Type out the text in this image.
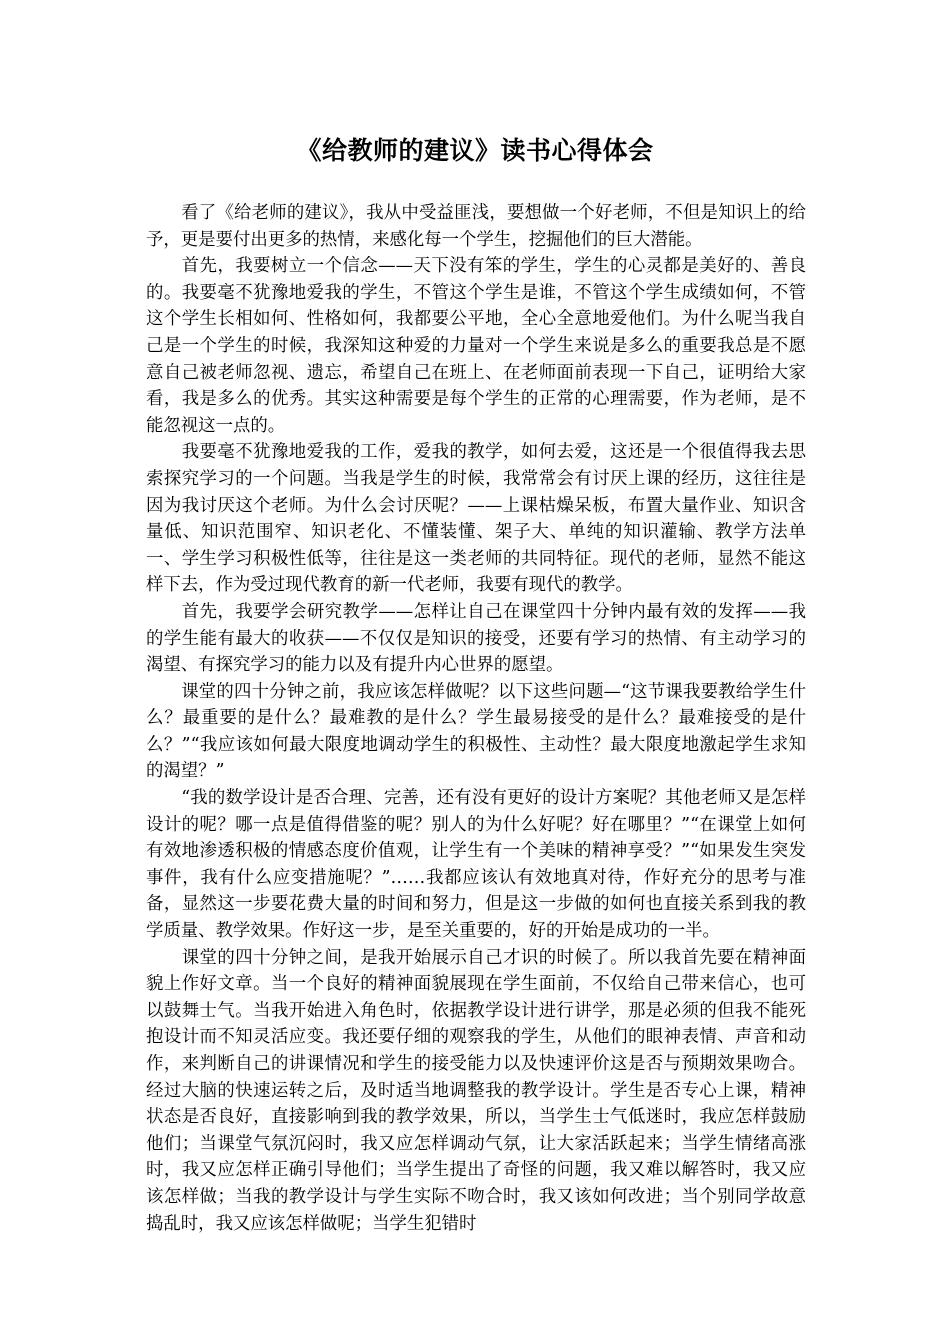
《给教师的建议》读书心得体会

　　看了《给老师的建议》，我从中受益匪浅，要想做一个好老师，不但是知识上的给予，更是要付出更多的热情，来感化每一个学生，挖掘他们的巨大潜能。

　　首先，我要树立一个信念——天下没有笨的学生，学生的心灵都是美好的、善良的。我要毫不犹豫地爱我的学生，不管这个学生是谁，不管这个学生成绩如何，不管这个学生长相如何、性格如何，我都要公平地，全心全意地爱他们。为什么呢当我自己是一个学生的时候，我深知这种爱的力量对一个学生来说是多么的重要我总是不愿意自己被老师忽视、遗忘，希望自己在班上、在老师面前表现一下自己，证明给大家看，我是多么的优秀。其实这种需要是每个学生的正常的心理需要，作为老师，是不能忽视这一点的。

　　我要毫不犹豫地爱我的工作，爱我的教学，如何去爱，这还是一个很值得我去思索探究学习的一个问题。当我是学生的时候，我常常会有讨厌上课的经历，这往往是因为我讨厌这个老师。为什么会讨厌呢？——上课枯燥呆板，布置大量作业、知识含量低、知识范围窄、知识老化、不懂装懂、架子大、单纯的知识灌输、教学方法单一、学生学习积极性低等，往往是这一类老师的共同特征。现代的老师，显然不能这样下去，作为受过现代教育的新一代老师，我要有现代的教学。

　　首先，我要学会研究教学——怎样让自己在课堂四十分钟内最有效的发挥——我的学生能有最大的收获——不仅仅是知识的接受，还要有学习的热情、有主动学习的渴望、有探究学习的能力以及有提升内心世界的愿望。

　　课堂的四十分钟之前，我应该怎样做呢？以下这些问题—“这节课我要教给学生什么？最重要的是什么？最难教的是什么？学生最易接受的是什么？最难接受的是什么？”“我应该如何最大限度地调动学生的积极性、主动性？最大限度地激起学生求知的渴望？”

　　“我的数学设计是否合理、完善，还有没有更好的设计方案呢？其他老师又是怎样设计的呢？哪一点是值得借鉴的呢？别人的为什么好呢？好在哪里？”“在课堂上如何有效地渗透积极的情感态度价值观，让学生有一个美味的精神享受？”“如果发生突发事件，我有什么应变措施呢？”……我都应该认有效地真对待，作好充分的思考与准备，显然这一步要花费大量的时间和努力，但是这一步做的如何也直接关系到我的教学质量、教学效果。作好这一步，是至关重要的，好的开始是成功的一半。

　　课堂的四十分钟之间，是我开始展示自己才识的时候了。所以我首先要在精神面貌上作好文章。当一个良好的精神面貌展现在学生面前，不仅给自己带来信心，也可以鼓舞士气。当我开始进入角色时，依据教学设计进行讲学，那是必须的但我不能死抱设计而不知灵活应变。我还要仔细的观察我的学生，从他们的眼神表情、声音和动作，来判断自己的讲课情况和学生的接受能力以及快速评价这是否与预期效果吻合。经过大脑的快速运转之后，及时适当地调整我的教学设计。学生是否专心上课，精神状态是否良好，直接影响到我的教学效果，所以，当学生士气低迷时，我应怎样鼓励他们；当课堂气氛沉闷时，我又应怎样调动气氛，让大家活跃起来；当学生情绪高涨时，我又应怎样正确引导他们；当学生提出了奇怪的问题，我又难以解答时，我又应该怎样做；当我的教学设计与学生实际不吻合时，我又该如何改进；当个别同学故意捣乱时，我又应该怎样做呢；当学生犯错时
